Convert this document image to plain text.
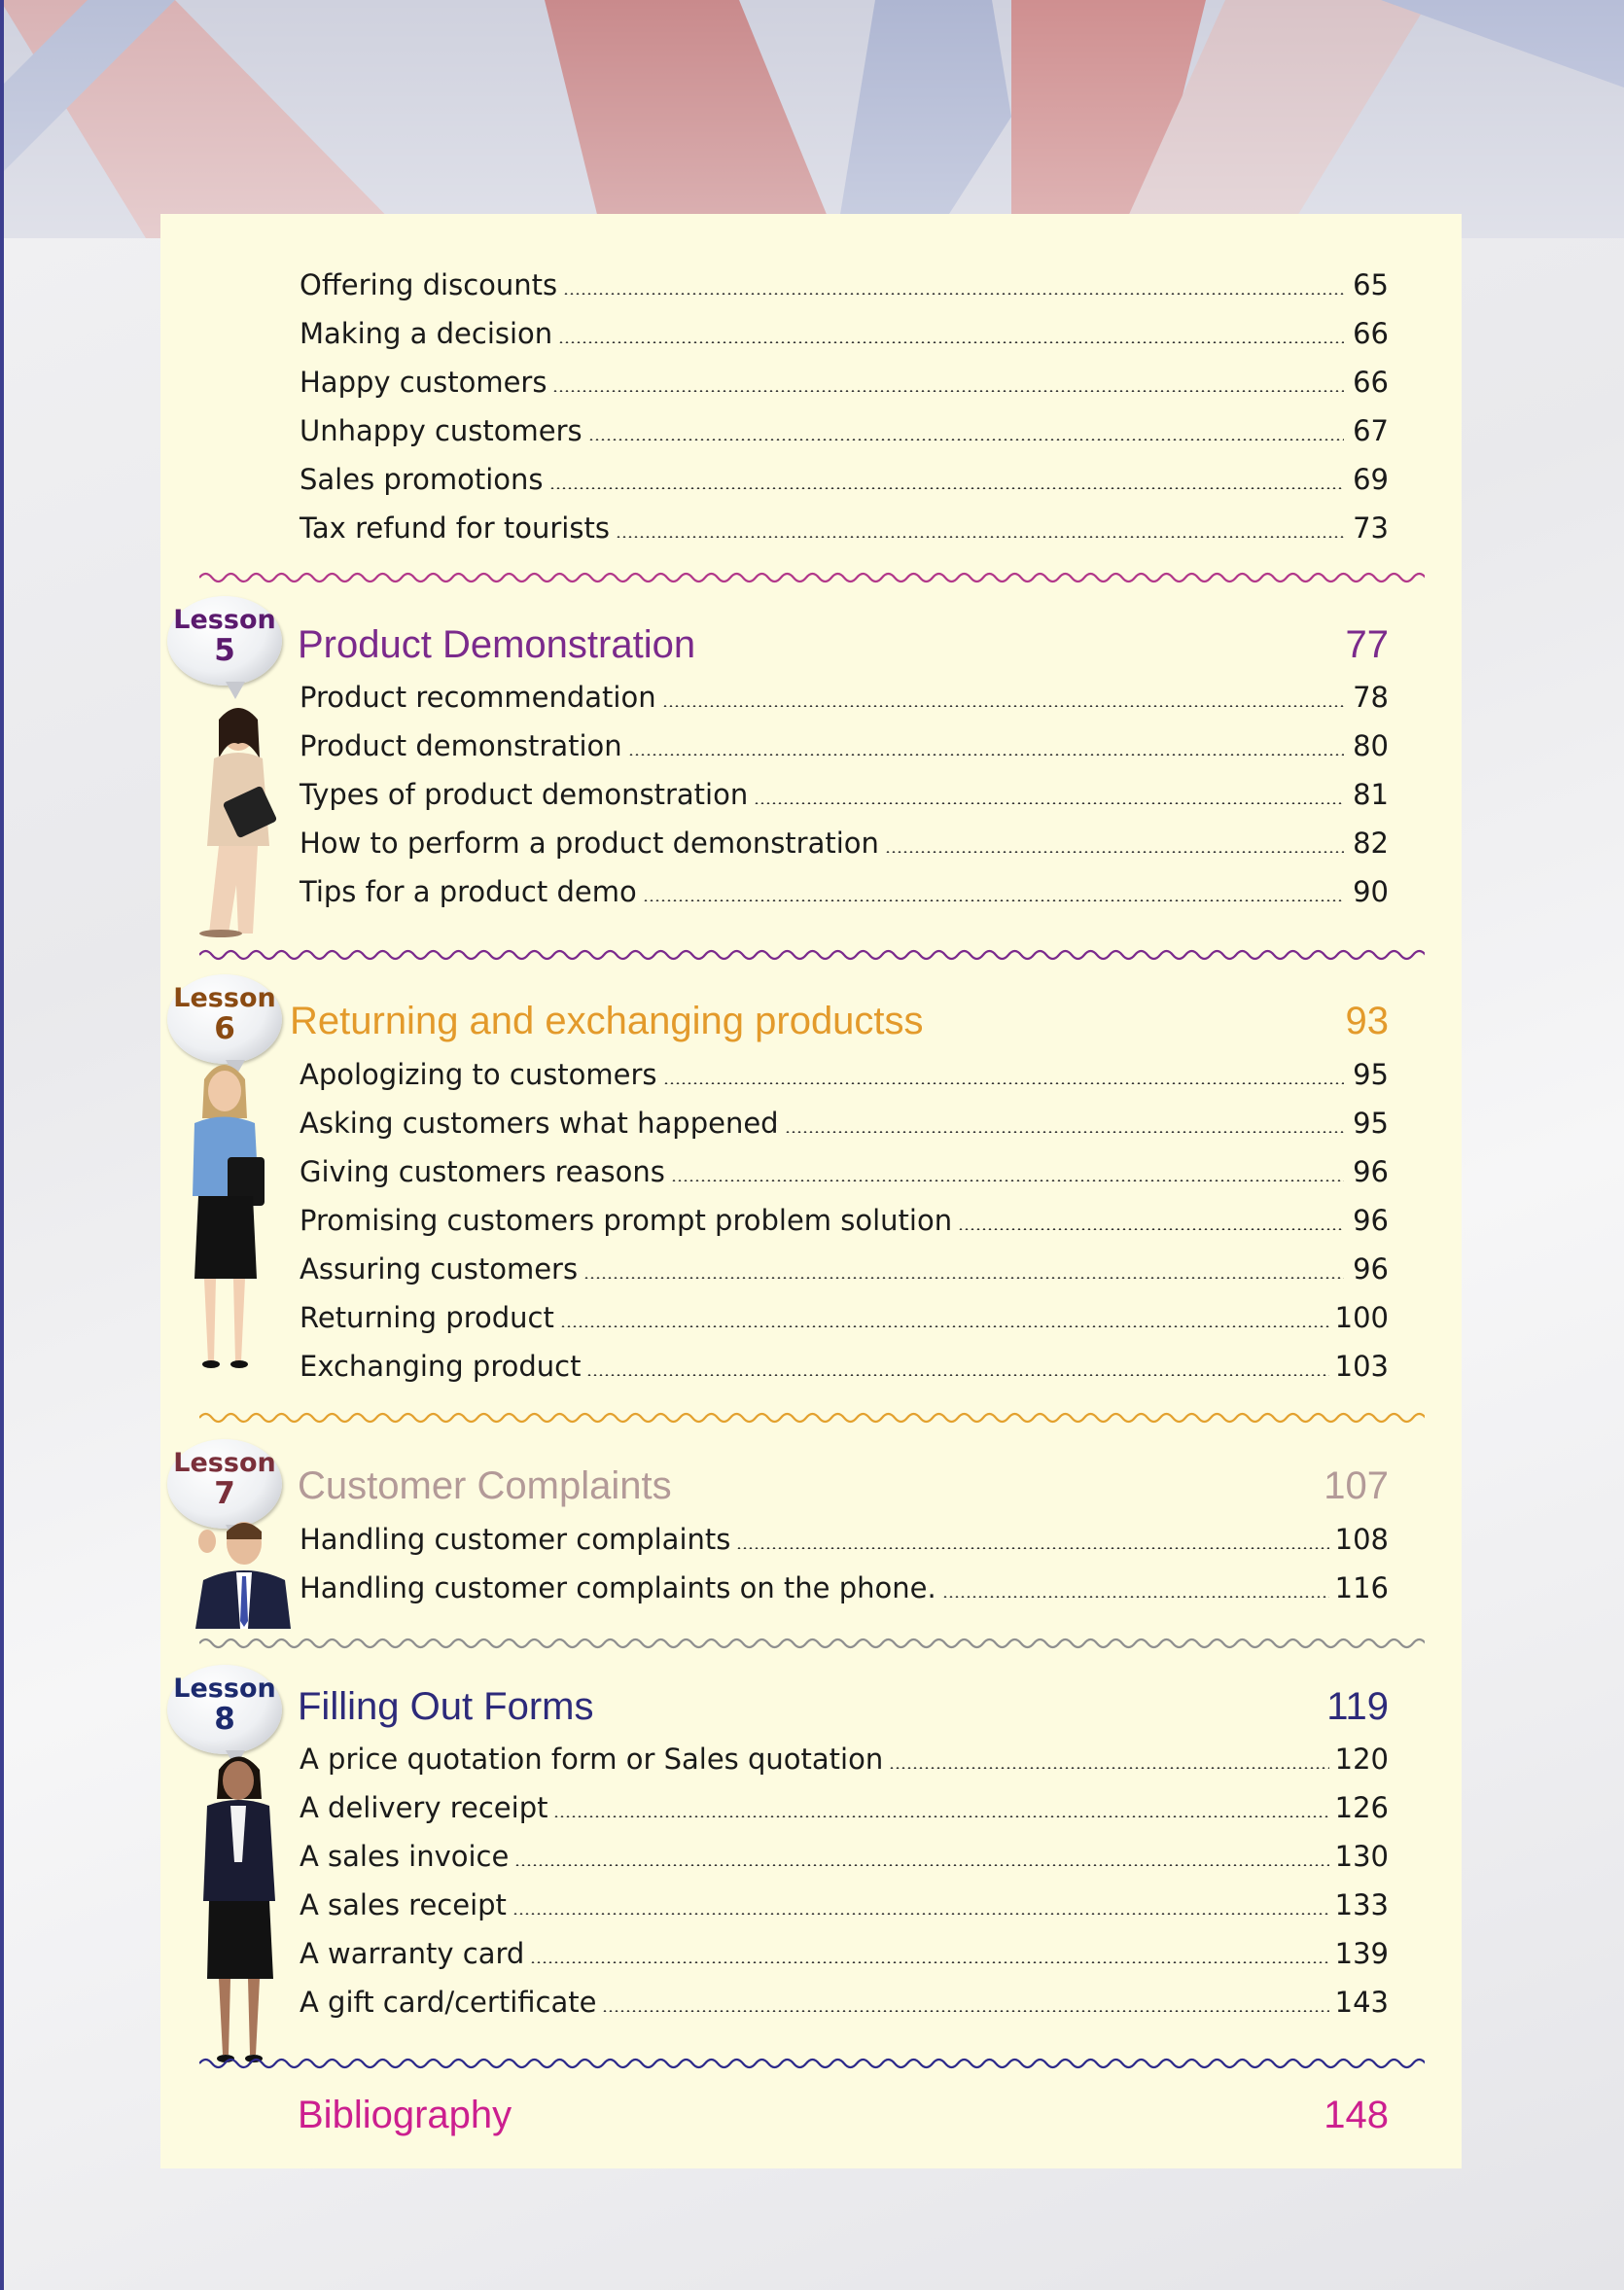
Offering discounts	65
Making a decision	66
Happy customers	66
Unhappy customers	67
Sales promotions	69
Tax refund for tourists	73
Lesson
5	Product Demonstration	77
Product recommendation	78
Product demonstration	80
Types of product demonstration	81
How to perform a product demonstration	82
Tips for a product demo	90
Lesson
6	Returning and exchanging productss	93
Apologizing to customers	95
Asking customers what happened	95
Giving customers reasons	96
Promising customers prompt problem solution	96
Assuring customers	96
Returning product	100
Exchanging product	103
Lesson
7	Customer Complaints	107
Handling customer complaints	108
Handling customer complaints on the phone.	116
Lesson
8	Filling Out Forms	119
A price quotation form or Sales quotation	120
A delivery receipt	126
A sales invoice	130
A sales receipt	133
A warranty card	139
A gift card/certificate	143
Bibliography	148
